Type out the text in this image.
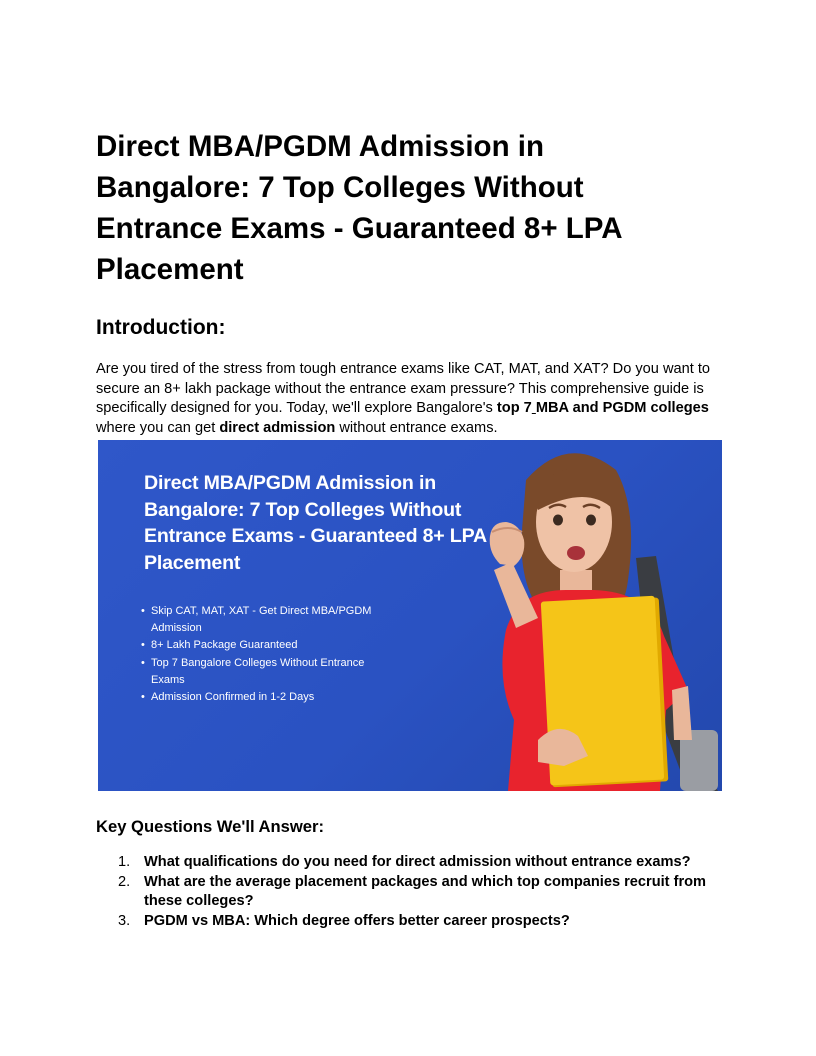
Direct MBA/PGDM Admission in Bangalore: 7 Top Colleges Without Entrance Exams - Guaranteed 8+ LPA Placement
Introduction:

Are you tired of the stress from tough entrance exams like CAT, MAT, and XAT? Do you want to secure an 8+ lakh package without the entrance exam pressure? This comprehensive guide is specifically designed for you. Today, we'll explore Bangalore's top 7 MBA and PGDM colleges where you can get direct admission without entrance exams.

Direct MBA/PGDM Admission in Bangalore: 7 Top Colleges Without Entrance Exams - Guaranteed 8+ LPA Placement
• Skip CAT, MAT, XAT - Get Direct MBA/PGDM Admission
• 8+ Lakh Package Guaranteed
• Top 7 Bangalore Colleges Without Entrance Exams
• Admission Confirmed in 1-2 Days
Key Questions We'll Answer:
1. What qualifications do you need for direct admission without entrance exams?
2. What are the average placement packages and which top companies recruit from these colleges?
3. PGDM vs MBA: Which degree offers better career prospects?
